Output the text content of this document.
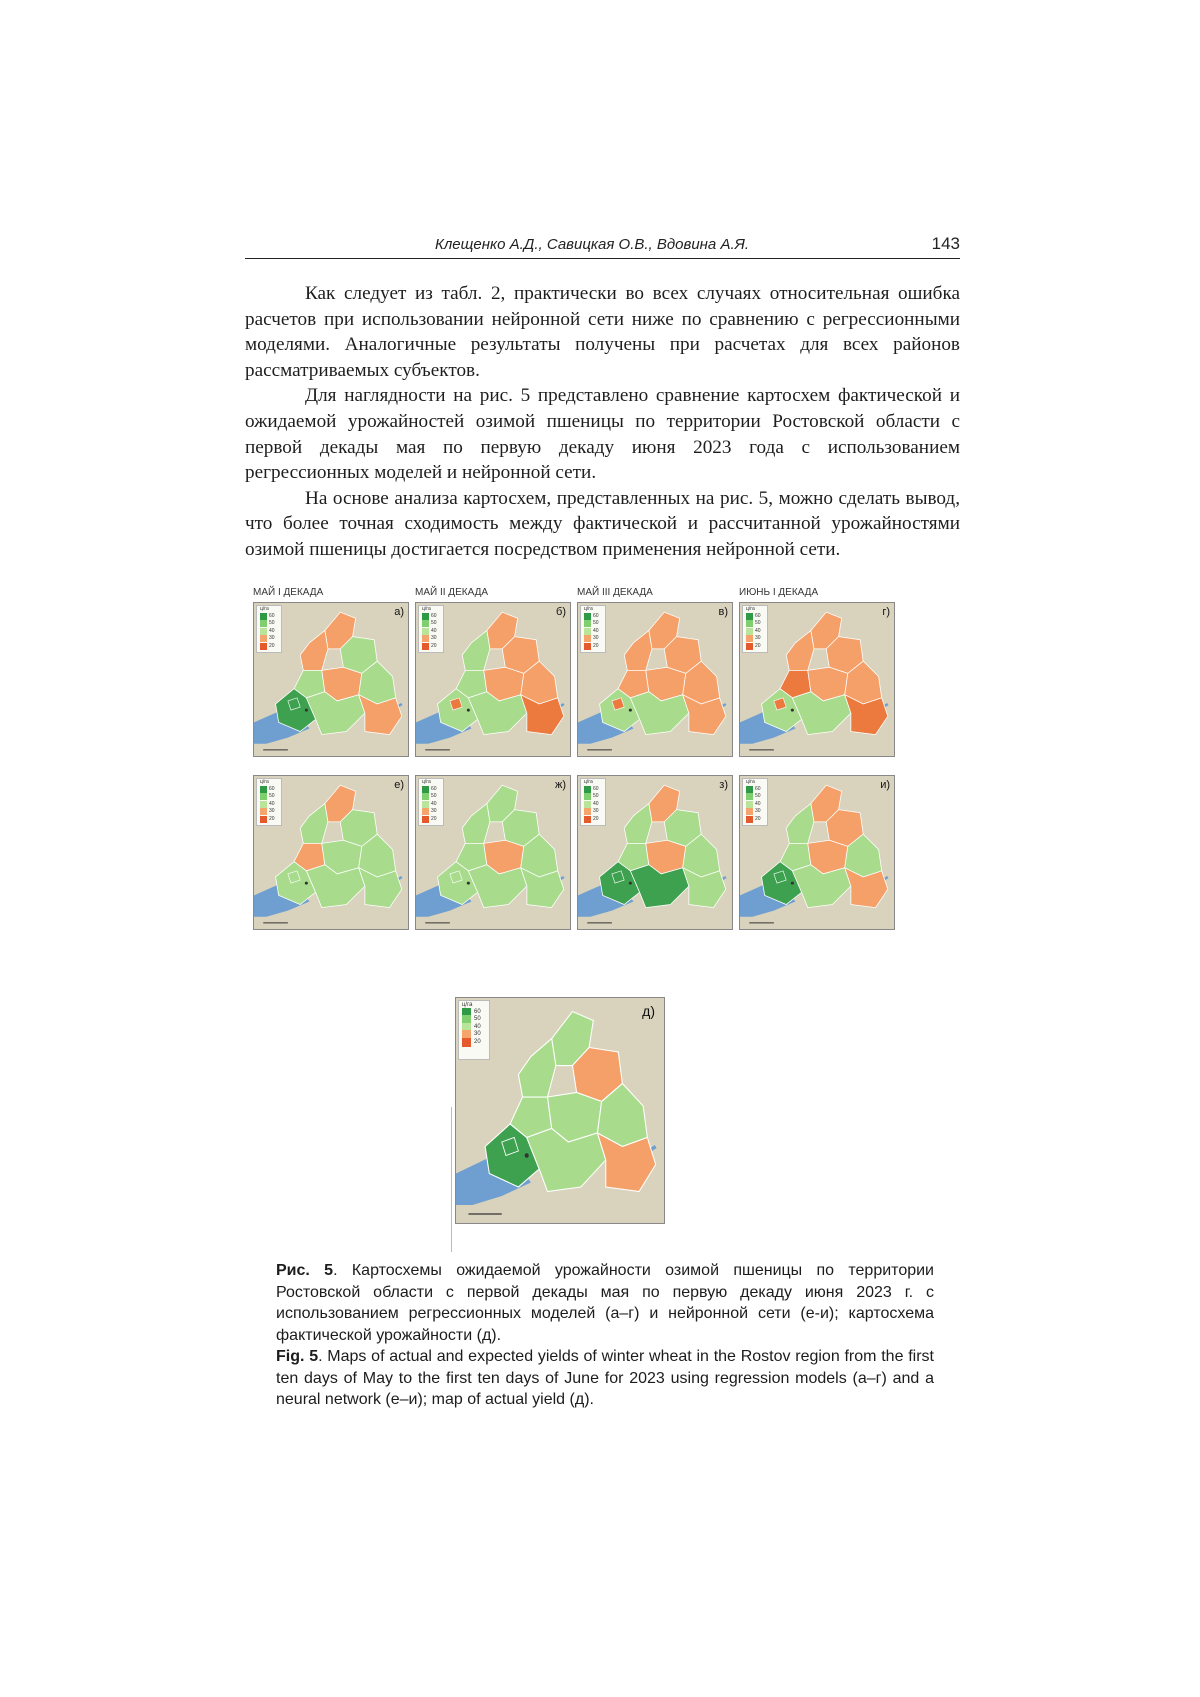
Клещенко А.Д., Савицкая О.В., Вдовина А.Я.	143

Как следует из табл. 2, практически во всех случаях относительная ошибка расчетов при использовании нейронной сети ниже по сравнению с регрессионными моделями. Аналогичные результаты получены при расчетах для всех районов рассматриваемых субъектов.

Для наглядности на рис. 5 представлено сравнение картосхем фактической и ожидаемой урожайностей озимой пшеницы по территории Ростовской области с первой декады мая по первую декаду июня 2023 года с использованием регрессионных моделей и нейронной сети.

На основе анализа картосхем, представленных на рис. 5, можно сделать вывод, что более точная сходимость между фактической и рассчитанной урожайностями озимой пшеницы достигается посредством применения нейронной сети.

МАЙ I ДЕКАДА
ц/га
60
50
40
30
20
а)
МАЙ II ДЕКАДА
ц/га
60
50
40
30
20
б)
МАЙ III ДЕКАДА
ц/га
60
50
40
30
20
в)
ИЮНЬ I ДЕКАДА
ц/га
60
50
40
30
20
г)
ц/га
60
50
40
30
20
е)	ц/га
60
50
40
30
20
ж)	ц/га
60
50
40
30
20
з)	ц/га
60
50
40
30
20
и)
ц/га
60
50
40
30
20
д)

Рис. 5. Картосхемы ожидаемой урожайности озимой пшеницы по территории Ростовской области с первой декады мая по первую декаду июня 2023 г. с использованием регрессионных моделей (а–г) и нейронной сети (е-и); картосхема фактической урожайности (д).

Fig. 5. Maps of actual and expected yields of winter wheat in the Rostov region from the first ten days of May to the first ten days of June for 2023 using regression models (а–г) and a neural network (е–и); map of actual yield (д).
